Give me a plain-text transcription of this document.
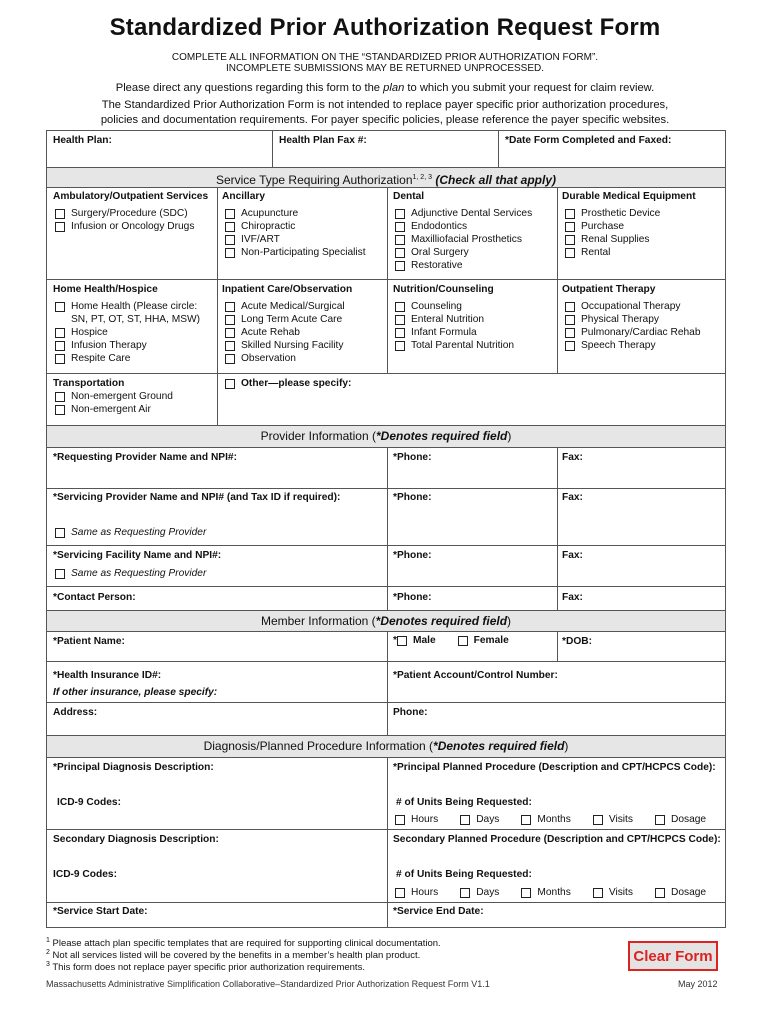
Standardized Prior Authorization Request Form
COMPLETE ALL INFORMATION ON THE “STANDARDIZED PRIOR AUTHORIZATION FORM”.
INCOMPLETE SUBMISSIONS MAY BE RETURNED UNPROCESSED.
Please direct any questions regarding this form to the plan to which you submit your request for claim review.
The Standardized Prior Authorization Form is not intended to replace payer specific prior authorization procedures,
policies and documentation requirements. For payer specific policies, please reference the payer specific websites.
Health Plan:	Health Plan Fax #:	*Date Form Completed and Faxed:
Service Type Requiring Authorization$^{1, 2, 3}$ (Check all that apply)
Ambulatory/Outpatient Services
Surgery/Procedure (SDC)
Infusion or Oncology Drugs
Ancillary
Acupuncture
Chiropractic
IVF/ART
Non-Participating Specialist
Dental
Adjunctive Dental Services
Endodontics
Maxilliofacial Prosthetics
Oral Surgery
Restorative
Durable Medical Equipment
Prosthetic Device
Purchase
Renal Supplies
Rental
Home Health/Hospice
Home Health (Please circle:
SN, PT, OT, ST, HHA, MSW)
Hospice
Infusion Therapy
Respite Care
Inpatient Care/Observation
Acute Medical/Surgical
Long Term Acute Care
Acute Rehab
Skilled Nursing Facility
Observation
Nutrition/Counseling
Counseling
Enteral Nutrition
Infant Formula
Total Parental Nutrition
Outpatient Therapy
Occupational Therapy
Physical Therapy
Pulmonary/Cardiac Rehab
Speech Therapy
Transportation
Non-emergent Ground
Non-emergent Air
Other—please specify:
Provider Information (*Denotes required field)
*Requesting Provider Name and NPI#:	*Phone:	Fax:
*Servicing Provider Name and NPI# (and Tax ID if required):	*Phone:	Fax:
Same as Requesting Provider
*Servicing Facility Name and NPI#:	*Phone:	Fax:
Same as Requesting Provider
*Contact Person:	*Phone:	Fax:
Member Information (*Denotes required field)
*Patient Name:	* Male	Female	*DOB:
*Health Insurance ID#:
If other insurance, please specify:
*Patient Account/Control Number:
Address:	Phone:
Diagnosis/Planned Procedure Information (*Denotes required field)
*Principal Diagnosis Description:	*Principal Planned Procedure (Description and CPT/HCPCS Code):
ICD-9 Codes:	# of Units Being Requested:
Hours	Days	Months	Visits	Dosage
Secondary Diagnosis Description:	Secondary Planned Procedure (Description and CPT/HCPCS Code):
ICD-9 Codes:	# of Units Being Requested:
Hours	Days	Months	Visits	Dosage
*Service Start Date:	*Service End Date:
$^1$ Please attach plan specific templates that are required for supporting clinical documentation.
$^2$ Not all services listed will be covered by the benefits in a member’s health plan product.
$^3$ This form does not replace payer specific prior authorization requirements.
Clear Form
Massachusetts Administrative Simplification Collaborative–Standardized Prior Authorization Request Form V1.1	May 2012
